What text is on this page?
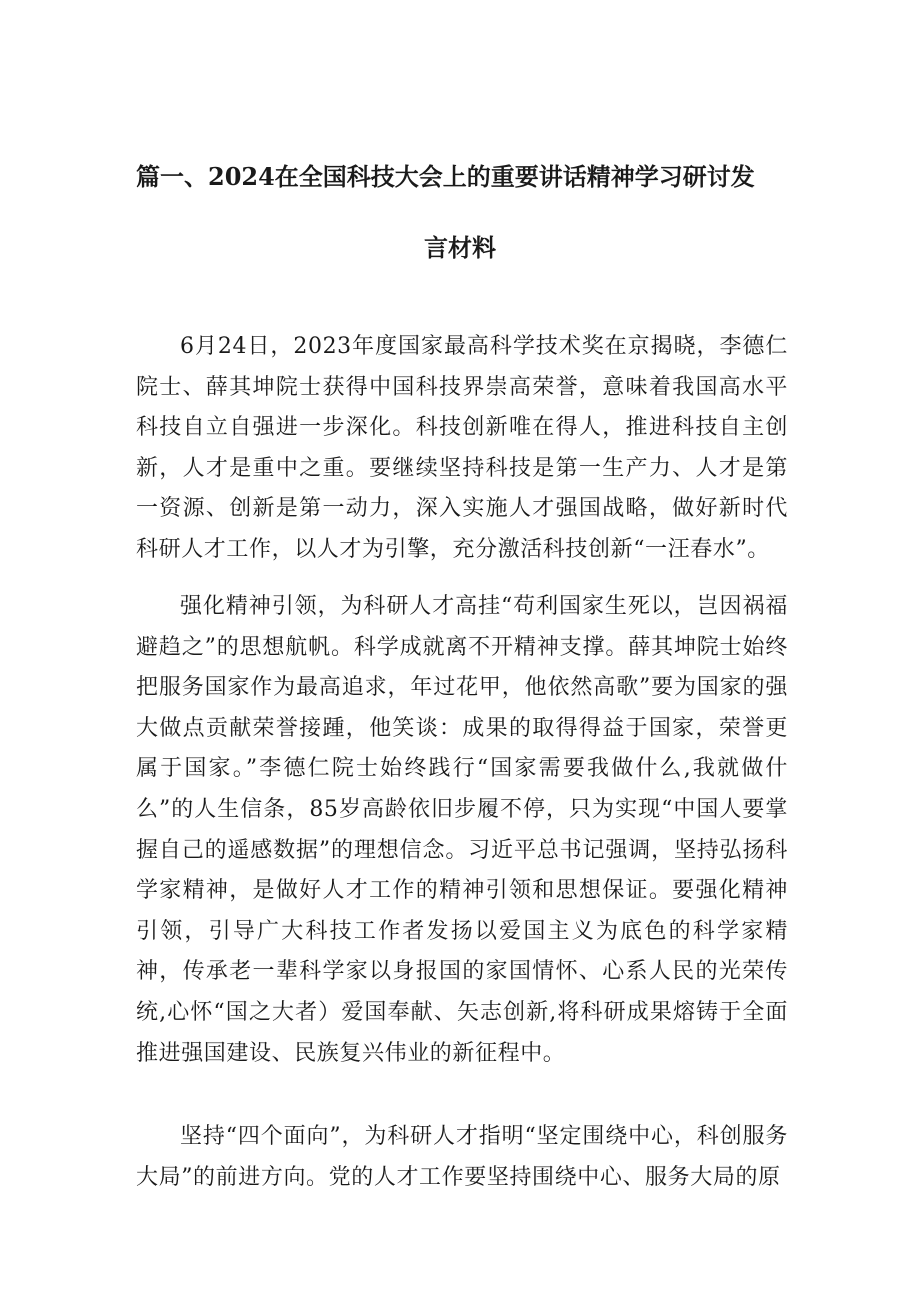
篇一、2024在全国科技大会上的重要讲话精神学习研讨发
言材料

6月24日，2023年度国家最高科学技术奖在京揭晓，李德仁院士、薛其坤院士获得中国科技界崇高荣誉，意味着我国高水平科技自立自强进一步深化。科技创新唯在得人，推进科技自主创新，人才是重中之重。要继续坚持科技是第一生产力、人才是第一资源、创新是第一动力，深入实施人才强国战略，做好新时代科研人才工作，以人才为引擎，充分激活科技创新“一汪春水”。

强化精神引领，为科研人才高挂“苟利国家生死以，岂因祸福避趋之”的思想航帆。科学成就离不开精神支撑。薛其坤院士始终把服务国家作为最高追求，年过花甲，他依然高歌”要为国家的强大做点贡献荣誉接踵，他笑谈：成果的取得得益于国家，荣誉更属于国家。”李德仁院士始终践行“国家需要我做什么,我就做什么”的人生信条，85岁高龄依旧步履不停，只为实现“中国人要掌握自己的遥感数据”的理想信念。习近平总书记强调，坚持弘扬科学家精神，是做好人才工作的精神引领和思想保证。要强化精神引领，引导广大科技工作者发扬以爱国主义为底色的科学家精神，传承老一辈科学家以身报国的家国情怀、心系人民的光荣传统,心怀“国之大者）爱国奉献、矢志创新,将科研成果熔铸于全面推进强国建设、民族复兴伟业的新征程中。

坚持“四个面向”，为科研人才指明“坚定围绕中心，科创服务大局”的前进方向。党的人才工作要坚持围绕中心、服务大局的原
